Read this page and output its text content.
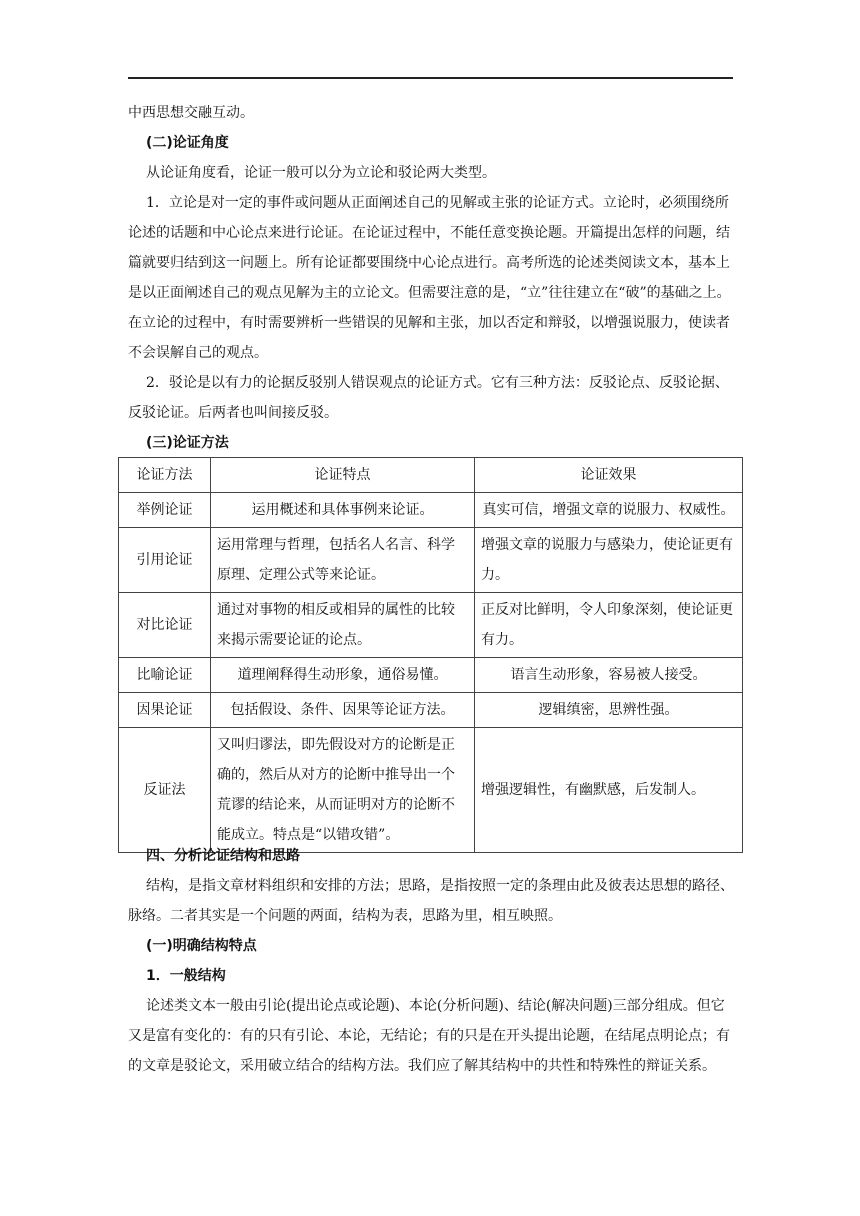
中西思想交融互动。

(二)论证角度

从论证角度看，论证一般可以分为立论和驳论两大类型。

1．立论是对一定的事件或问题从正面阐述自己的见解或主张的论证方式。立论时，必须围绕所论述的话题和中心论点来进行论证。在论证过程中，不能任意变换论题。开篇提出怎样的问题，结篇就要归结到这一问题上。所有论证都要围绕中心论点进行。高考所选的论述类阅读文本，基本上是以正面阐述自己的观点见解为主的立论文。但需要注意的是，“立”往往建立在“破”的基础之上。在立论的过程中，有时需要辨析一些错误的见解和主张，加以否定和辩驳，以增强说服力，使读者不会误解自己的观点。

2．驳论是以有力的论据反驳别人错误观点的论证方式。它有三种方法：反驳论点、反驳论据、反驳论证。后两者也叫间接反驳。

(三)论证方法

论证方法	论证特点	论证效果
举例论证	运用概述和具体事例来论证。	真实可信，增强文章的说服力、权威性。
引用论证	运用常理与哲理，包括名人名言、科学原理、定理公式等来论证。	增强文章的说服力与感染力，使论证更有力。
对比论证	通过对事物的相反或相异的属性的比较来揭示需要论证的论点。	正反对比鲜明，令人印象深刻，使论证更有力。
比喻论证	道理阐释得生动形象，通俗易懂。	语言生动形象，容易被人接受。
因果论证	包括假设、条件、因果等论证方法。	逻辑缜密，思辨性强。
反证法	又叫归谬法，即先假设对方的论断是正确的，然后从对方的论断中推导出一个荒谬的结论来，从而证明对方的论断不能成立。特点是“以错攻错”。	增强逻辑性，有幽默感，后发制人。

四、分析论证结构和思路

结构，是指文章材料组织和安排的方法；思路，是指按照一定的条理由此及彼表达思想的路径、脉络。二者其实是一个问题的两面，结构为表，思路为里，相互映照。

(一)明确结构特点

1．一般结构

论述类文本一般由引论(提出论点或论题)、本论(分析问题)、结论(解决问题)三部分组成。但它又是富有变化的：有的只有引论、本论，无结论；有的只是在开头提出论题，在结尾点明论点；有的文章是驳论文，采用破立结合的结构方法。我们应了解其结构中的共性和特殊性的辩证关系。
